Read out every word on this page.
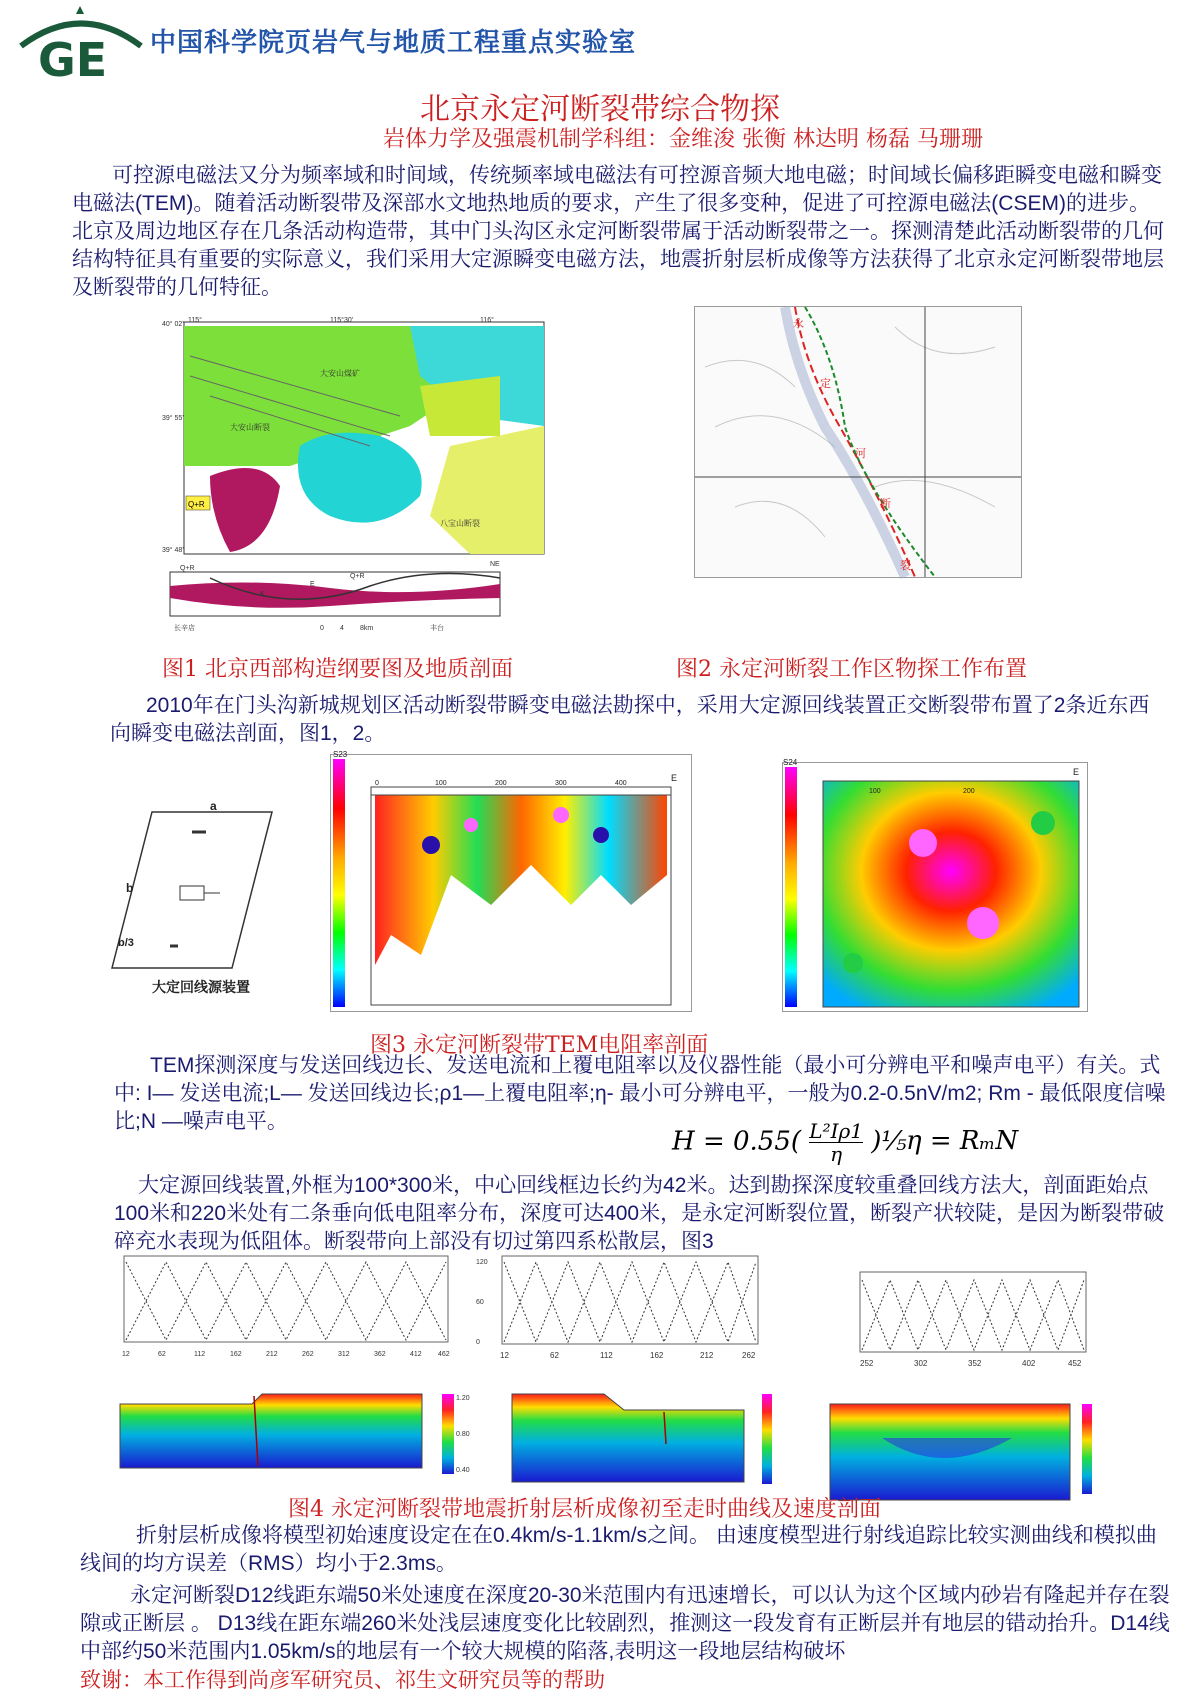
GE 中国科学院页岩气与地质工程重点实验室
北京永定河断裂带综合物探
岩体力学及强震机制学科组：金维浚 张衡 林达明 杨磊 马珊珊
可控源电磁法又分为频率域和时间域，传统频率域电磁法有可控源音频大地电磁；时间域长偏移距瞬变电磁和瞬变电磁法(TEM)。随着活动断裂带及深部水文地热地质的要求，产生了很多变种，促进了可控源电磁法(CSEM)的进步。北京及周边地区存在几条活动构造带，其中门头沟区永定河断裂带属于活动断裂带之一。探测清楚此活动断裂带的几何结构特征具有重要的实际意义，我们采用大定源瞬变电磁方法，地震折射层析成像等方法获得了北京永定河断裂带地层及断裂带的几何特征。
Q+R
大安山煤矿
大安山断裂
八宝山断裂
40° 02'
39° 55'
39° 48'
115°	115°30'	116°
Q+R
K
E
Q+R
NE
0 4 8km
长辛店	丰台
永
定
河
断
裂
图1 北京西部构造纲要图及地质剖面	图2 永定河断裂工作区物探工作布置
2010年在门头沟新城规划区活动断裂带瞬变电磁法勘探中，采用大定源回线装置正交断裂带布置了2条近东西向瞬变电磁法剖面，图1，2。
a
b
b/3
大定回线源装置
S23
E
0	100	200	300	400
S24
E
100	200
图3 永定河断裂带TEM电阻率剖面
TEM探测深度与发送回线边长、发送电流和上覆电阻率以及仪器性能（最小可分辨电平和噪声电平）有关。式中: I— 发送电流;L— 发送回线边长;ρ1—上覆电阻率;η- 最小可分辨电平，一般为0.2-0.5nV/m2; Rm - 最低限度信噪比;N —噪声电平。
$H = 0.55( \frac{\text{L²Iρ1}}{\eta}$ )⅕ η = RₘN
大定源回线装置,外框为100*300米，中心回线框边长约为42米。达到勘探深度较重叠回线方法大，剖面距始点100米和220米处有二条垂向低电阻率分布，深度可达400米，是永定河断裂位置，断裂产状较陡，是因为断裂带破碎充水表现为低阻体。断裂带向上部没有切过第四系松散层，图3
12	62	112	162	212	262	312	362	412 462
120
60
0
12	62	112	162	212	262
252	302	352	402	452
1.20
0.80
0.40
图4 永定河断裂带地震折射层析成像初至走时曲线及速度剖面
折射层析成像将模型初始速度设定在在0.4km/s-1.1km/s之间。 由速度模型进行射线追踪比较实测曲线和模拟曲线间的均方误差（RMS）均小于2.3ms。
永定河断裂D12线距东端50米处速度在深度20-30米范围内有迅速增长，可以认为这个区域内砂岩有隆起并存在裂隙或正断层 。 D13线在距东端260米处浅层速度变化比较剧烈，推测这一段发育有正断层并有地层的错动抬升。D14线中部约50米范围内1.05km/s的地层有一个较大规模的陷落,表明这一段地层结构破坏
致谢：本工作得到尚彦军研究员、祁生文研究员等的帮助
